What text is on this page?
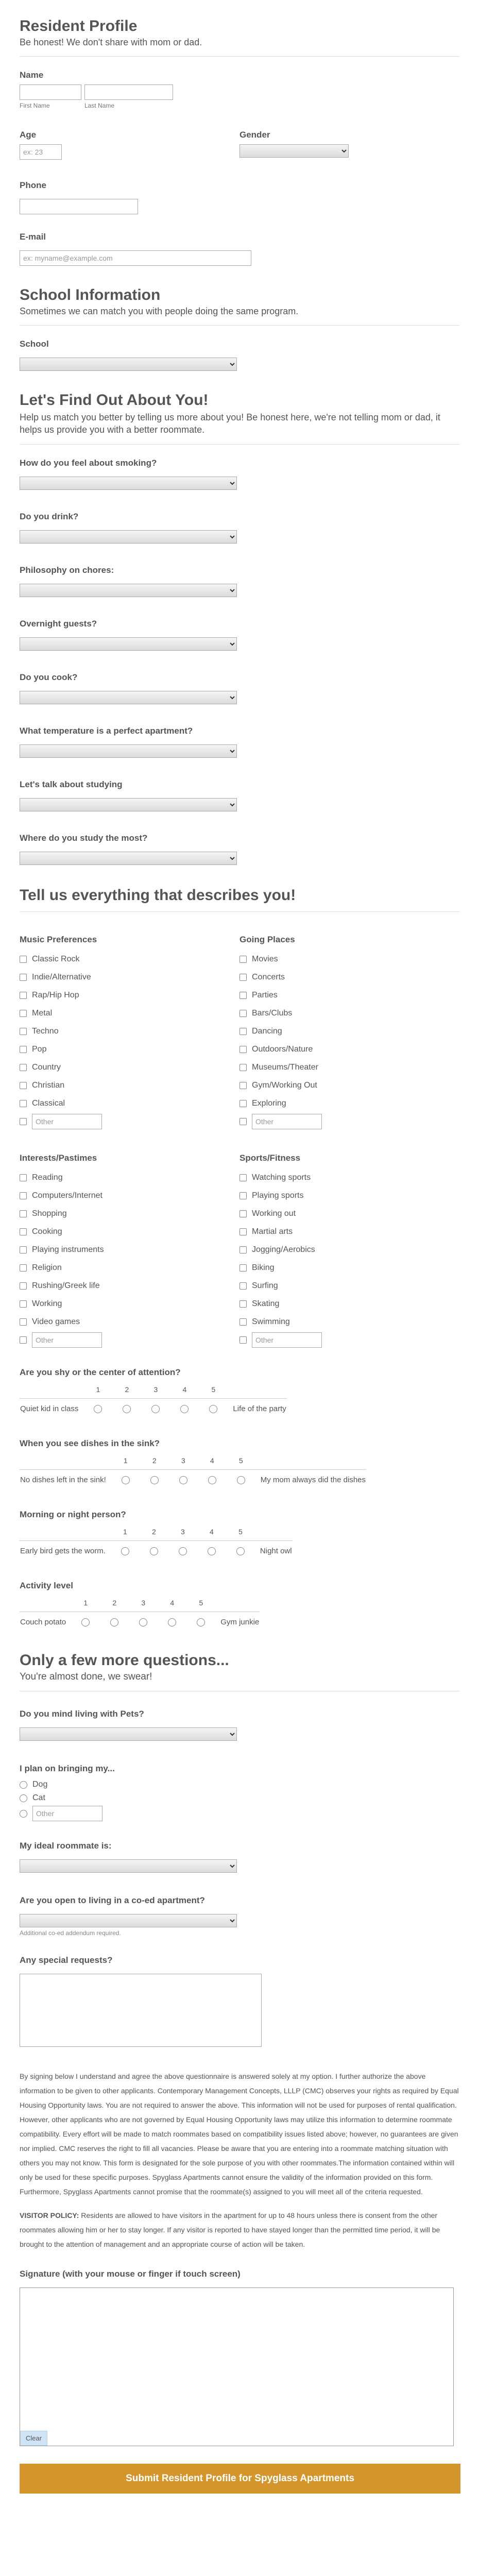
Resident Profile
Be honest! We don't share with mom or dad.
Name
First Name	Last Name
Age
ex: 23	Gender
Phone
E-mail
ex: myname@example.com
School Information
Sometimes we can match you with people doing the same program.
School
Let's Find Out About You!
Help us match you better by telling us more about you! Be honest here, we're not telling mom or dad, it helps us provide you with a better roommate.
How do you feel about smoking?
Do you drink?
Philosophy on chores:
Overnight guests?
Do you cook?
What temperature is a perfect apartment?
Let's talk about studying
Where do you study the most?
Tell us everything that describes you!
Music Preferences
Classic Rock
Indie/Alternative
Rap/Hip Hop
Metal
Techno
Pop
Country
Christian
Classical
Other
Going Places
Movies
Concerts
Parties
Bars/Clubs
Dancing
Outdoors/Nature
Museums/Theater
Gym/Working Out
Exploring
Other
Interests/Pastimes
Reading
Computers/Internet
Shopping
Cooking
Playing instruments
Religion
Rushing/Greek life
Working
Video games
Other
Sports/Fitness
Watching sports
Playing sports
Working out
Martial arts
Jogging/Aerobics
Biking
Surfing
Skating
Swimming
Other
Are you shy or the center of attention?
	1	2	3	4	5	
Quiet kid in class						Life of the party
When you see dishes in the sink?
	1	2	3	4	5	
No dishes left in the sink!						My mom always did the dishes
Morning or night person?
	1	2	3	4	5	
Early bird gets the worm.						Night owl
Activity level
	1	2	3	4	5	
Couch potato						Gym junkie
Only a few more questions...
You're almost done, we swear!
Do you mind living with Pets?
I plan on bringing my...
Dog
Cat
Other
My ideal roommate is:
Are you open to living in a co-ed apartment?
Additional co-ed addendum required.
Any special requests?
By signing below I understand and agree the above questionnaire is answered solely at my option. I further authorize the above information to be given to other applicants. Contemporary Management Concepts, LLLP (CMC) observes your rights as required by Equal Housing Opportunity laws. You are not required to answer the above. This information will not be used for purposes of rental qualification. However, other applicants who are not governed by Equal Housing Opportunity laws may utilize this information to determine roommate compatibility. Every effort will be made to match roommates based on compatibility issues listed above; however, no guarantees are given nor implied. CMC reserves the right to fill all vacancies. Please be aware that you are entering into a roommate matching situation with others you may not know. This form is designated for the sole purpose of you with other roommates.The information contained within will only be used for these specific purposes. Spyglass Apartments cannot ensure the validity of the information provided on this form. Furthermore, Spyglass Apartments cannot promise that the roommate(s) assigned to you will meet all of the criteria requested.
VISITOR POLICY: Residents are allowed to have visitors in the apartment for up to 48 hours unless there is consent from the other roommates allowing him or her to stay longer. If any visitor is reported to have stayed longer than the permitted time period, it will be brought to the attention of management and an appropriate course of action will be taken.
Signature (with your mouse or finger if touch screen)
Clear
Submit Resident Profile for Spyglass Apartments
